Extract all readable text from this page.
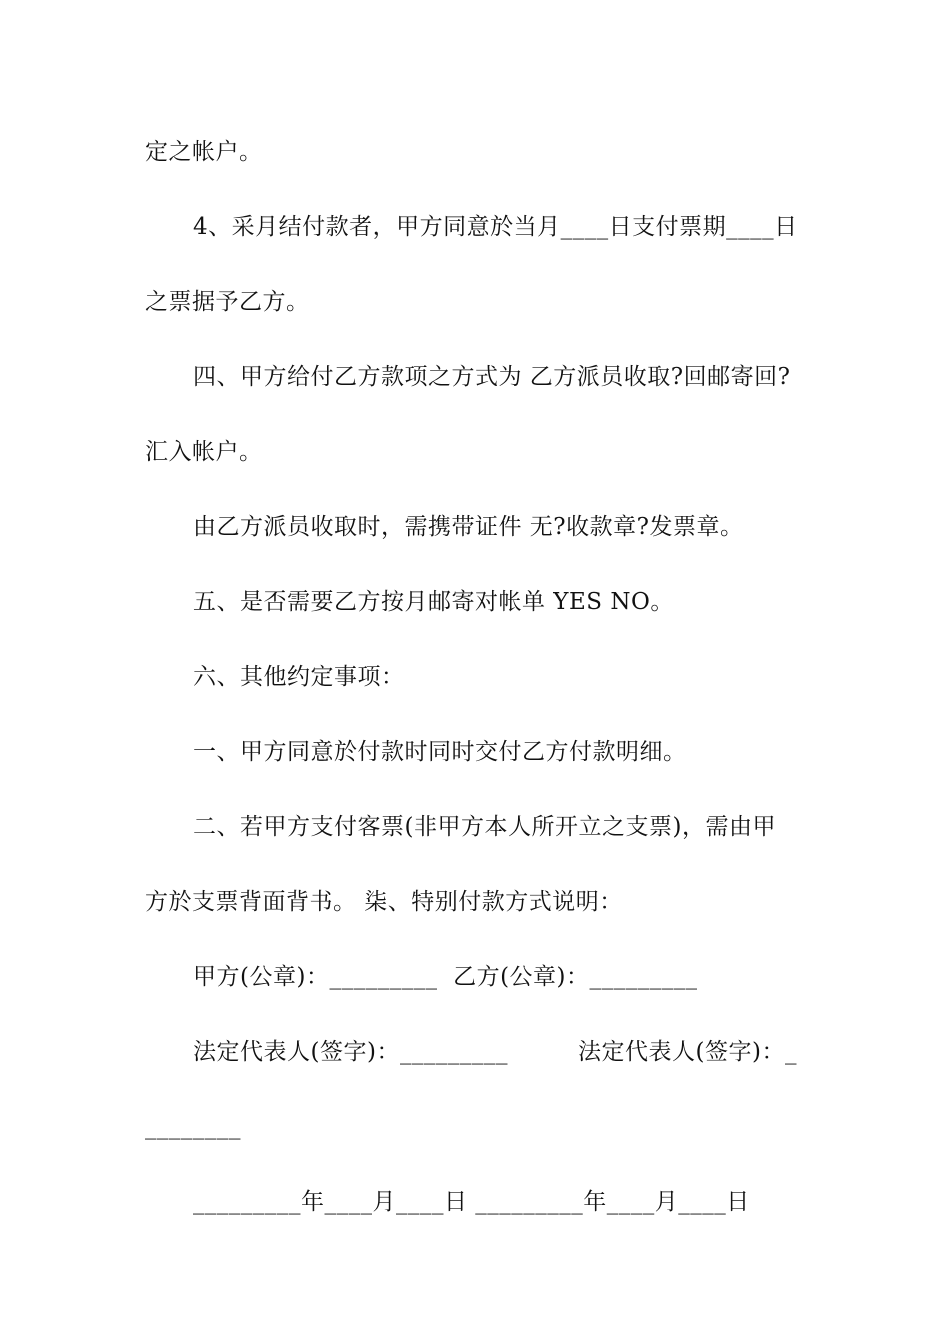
定之帐户。
4、采月结付款者，甲方同意於当月____日支付票期____日
之票据予乙方。
四、甲方给付乙方款项之方式为 乙方派员收取?回邮寄回?
汇入帐户。
由乙方派员收取时，需携带证件 无?收款章?发票章。
五、是否需要乙方按月邮寄对帐单 YES NO。
六、其他约定事项：
一、甲方同意於付款时同时交付乙方付款明细。
二、若甲方支付客票(非甲方本人所开立之支票)，需由甲
方於支票背面背书。 柒、特别付款方式说明：
甲方(公章)：_________  乙方(公章)：_________
法定代表人(签字)：_________	法定代表人(签字)：_
________
_________年____月____日 _________年____月____日
